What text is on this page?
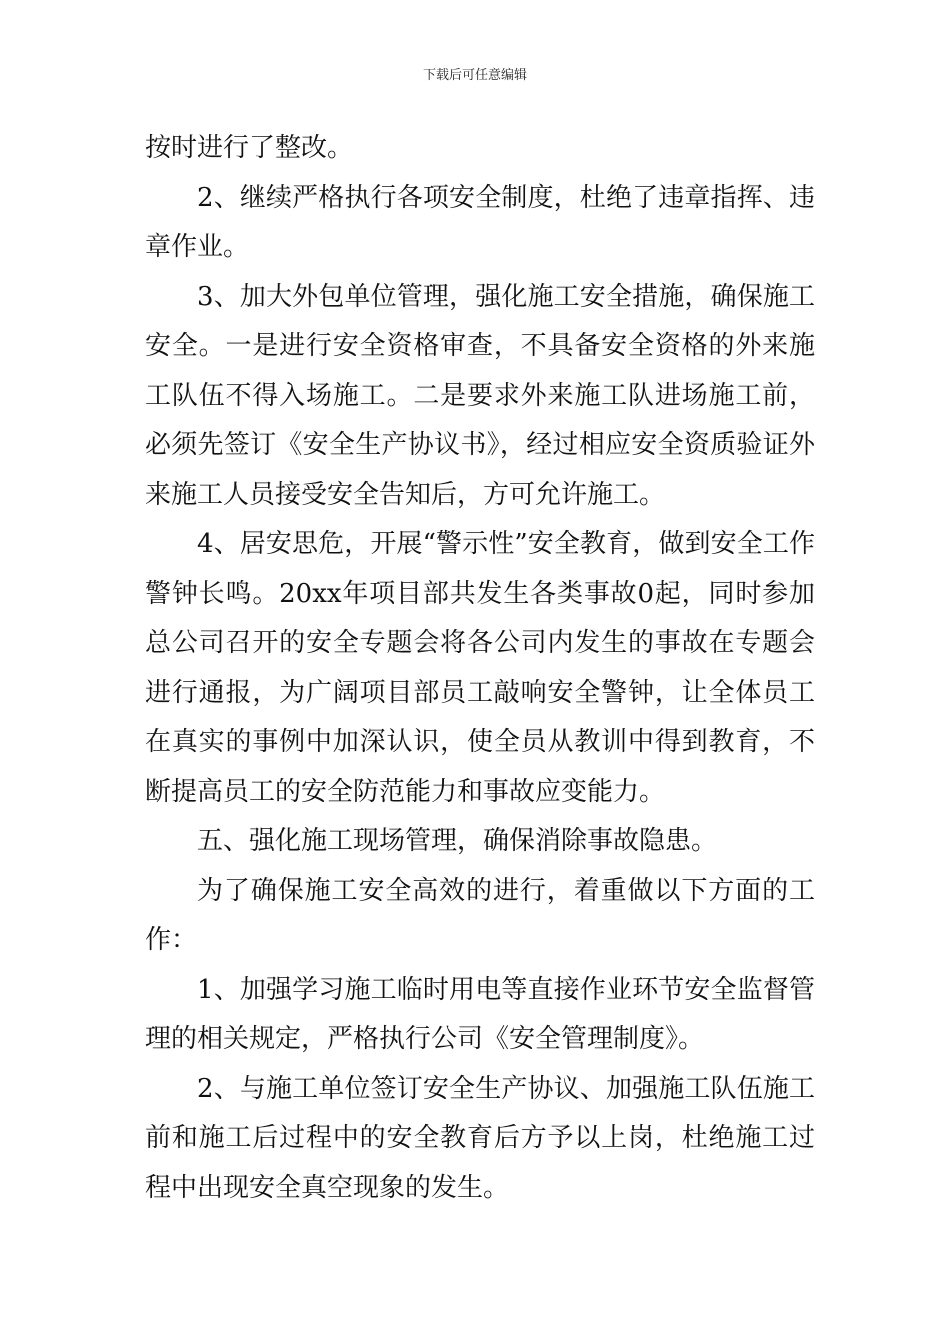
下载后可任意编辑

按时进行了整改。

2、继续严格执行各项安全制度，杜绝了违章指挥、违章作业。

3、加大外包单位管理，强化施工安全措施，确保施工安全。一是进行安全资格审查，不具备安全资格的外来施工队伍不得入场施工。二是要求外来施工队进场施工前，必须先签订《安全生产协议书》，经过相应安全资质验证外来施工人员接受安全告知后，方可允许施工。

4、居安思危，开展“警示性”安全教育，做到安全工作警钟长鸣。20xx年项目部共发生各类事故0起，同时参加总公司召开的安全专题会将各公司内发生的事故在专题会进行通报，为广阔项目部员工敲响安全警钟，让全体员工在真实的事例中加深认识，使全员从教训中得到教育，不断提高员工的安全防范能力和事故应变能力。

五、强化施工现场管理，确保消除事故隐患。

为了确保施工安全高效的进行，着重做以下方面的工作：

1、加强学习施工临时用电等直接作业环节安全监督管理的相关规定，严格执行公司《安全管理制度》。

2、与施工单位签订安全生产协议、加强施工队伍施工前和施工后过程中的安全教育后方予以上岗，杜绝施工过程中出现安全真空现象的发生。
